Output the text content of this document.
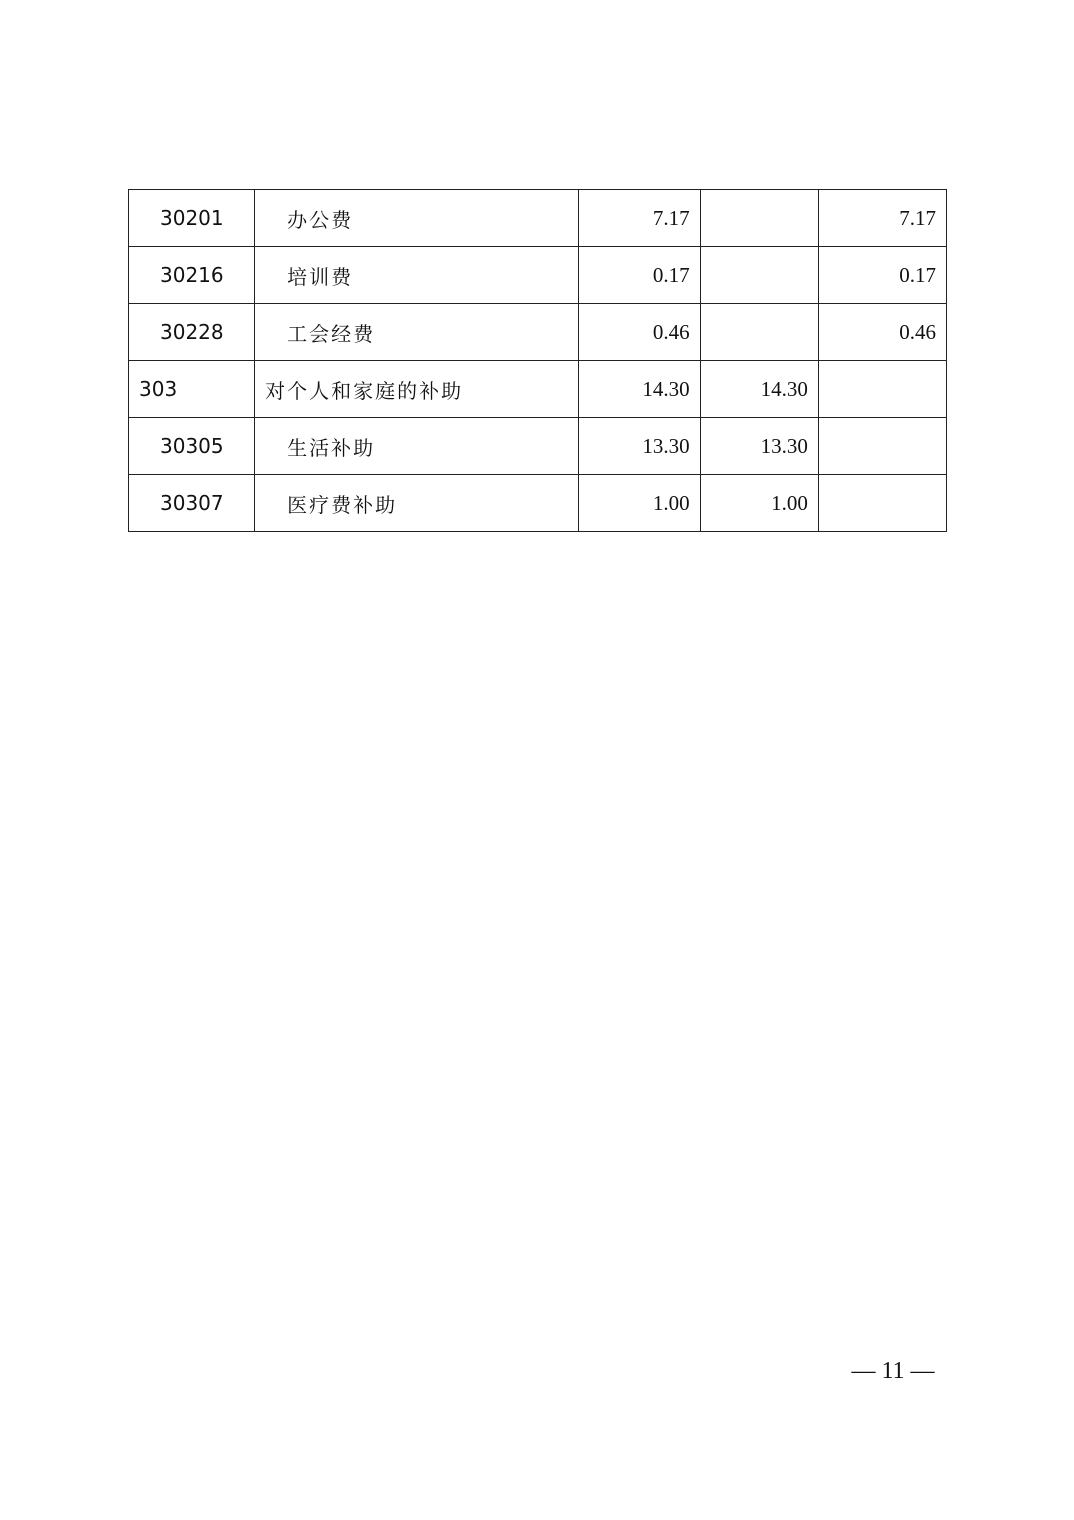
30201	办公费	7.17		7.17
30216	培训费	0.17		0.17
30228	工会经费	0.46		0.46
303	对个人和家庭的补助	14.30	14.30	
30305	生活补助	13.30	13.30	
30307	医疗费补助	1.00	1.00	
— 11 —
